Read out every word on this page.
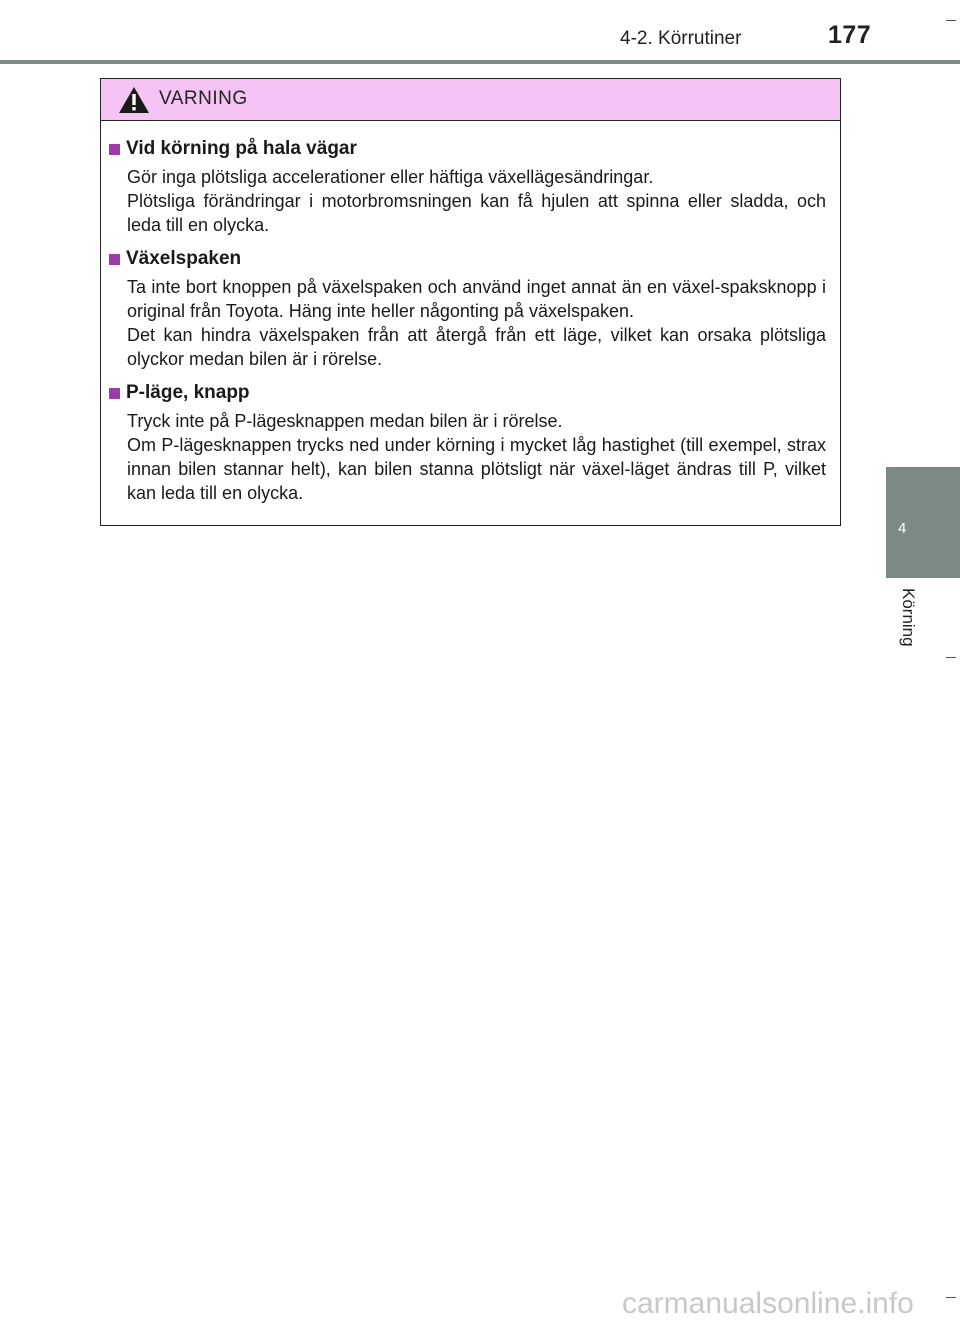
4-2. Körrutiner	177
4
Körning
VARNING
Vid körning på hala vägar

Gör inga plötsliga accelerationer eller häftiga växellägesändringar.

Plötsliga förändringar i motorbromsningen kan få hjulen att spinna eller sladda, och leda till en olycka.

Växelspaken

Ta inte bort knoppen på växelspaken och använd inget annat än en växel-spaksknopp i original från Toyota. Häng inte heller någonting på växelspaken.

Det kan hindra växelspaken från att återgå från ett läge, vilket kan orsaka plötsliga olyckor medan bilen är i rörelse.

P-läge, knapp

Tryck inte på P-lägesknappen medan bilen är i rörelse.

Om P-lägesknappen trycks ned under körning i mycket låg hastighet (till exempel, strax innan bilen stannar helt), kan bilen stanna plötsligt när växel-läget ändras till P, vilket kan leda till en olycka.

carmanualsonline.info
